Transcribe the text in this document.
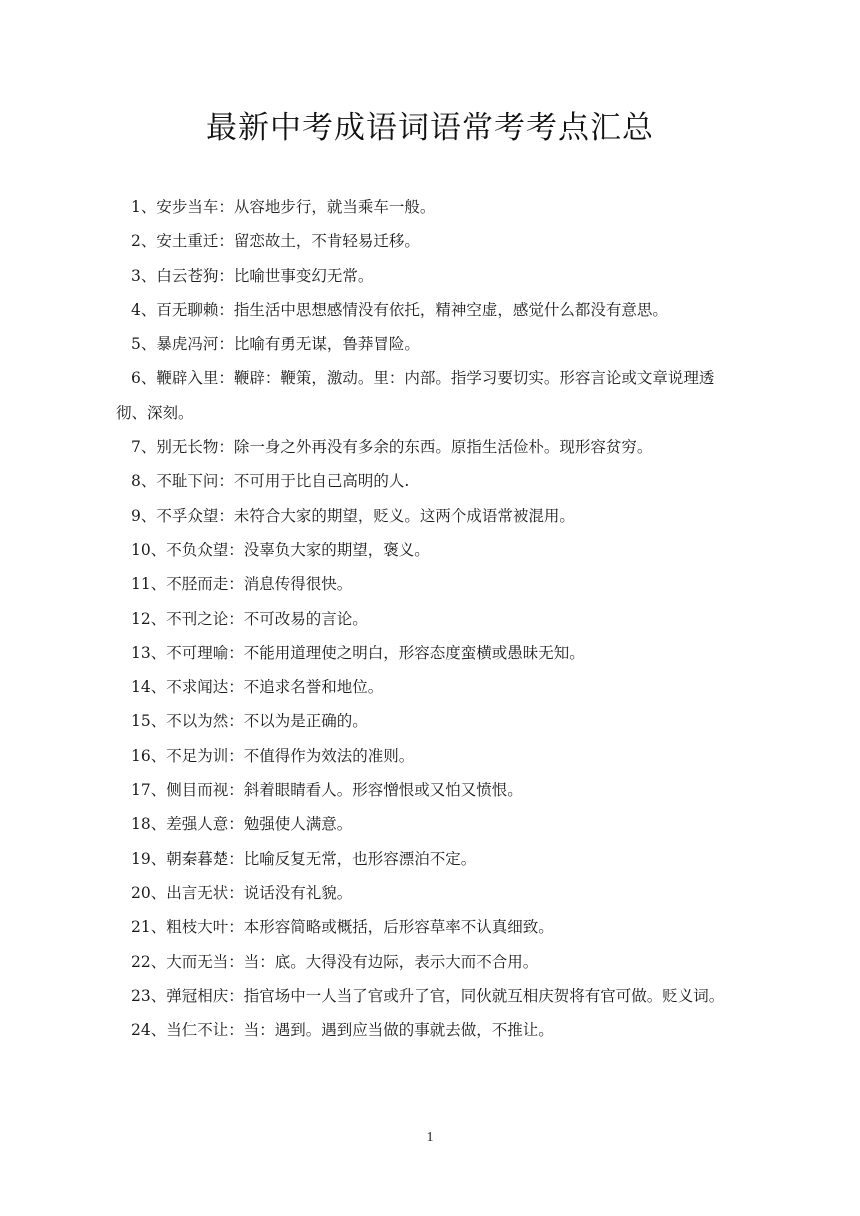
最新中考成语词语常考考点汇总

1、安步当车：从容地步行，就当乘车一般。

2、安土重迁：留恋故土，不肯轻易迁移。

3、白云苍狗：比喻世事变幻无常。

4、百无聊赖：指生活中思想感情没有依托，精神空虚，感觉什么都没有意思。

5、暴虎冯河：比喻有勇无谋，鲁莽冒险。

6、鞭辟入里：鞭辟：鞭策，激动。里：内部。指学习要切实。形容言论或文章说理透彻、深刻。

7、别无长物：除一身之外再没有多余的东西。原指生活俭朴。现形容贫穷。

8、不耻下问：不可用于比自己高明的人.

9、不孚众望：未符合大家的期望，贬义。这两个成语常被混用。

10、不负众望：没辜负大家的期望，褒义。

11、不胫而走：消息传得很快。

12、不刊之论：不可改易的言论。

13、不可理喻：不能用道理使之明白，形容态度蛮横或愚昧无知。

14、不求闻达：不追求名誉和地位。

15、不以为然：不以为是正确的。

16、不足为训：不值得作为效法的准则。

17、侧目而视：斜着眼睛看人。形容憎恨或又怕又愤恨。

18、差强人意：勉强使人满意。

19、朝秦暮楚：比喻反复无常，也形容漂泊不定。

20、出言无状：说话没有礼貌。

21、粗枝大叶：本形容简略或概括，后形容草率不认真细致。

22、大而无当：当：底。大得没有边际，表示大而不合用。

23、弹冠相庆：指官场中一人当了官或升了官，同伙就互相庆贺将有官可做。贬义词。

24、当仁不让：当：遇到。遇到应当做的事就去做，不推让。

1
